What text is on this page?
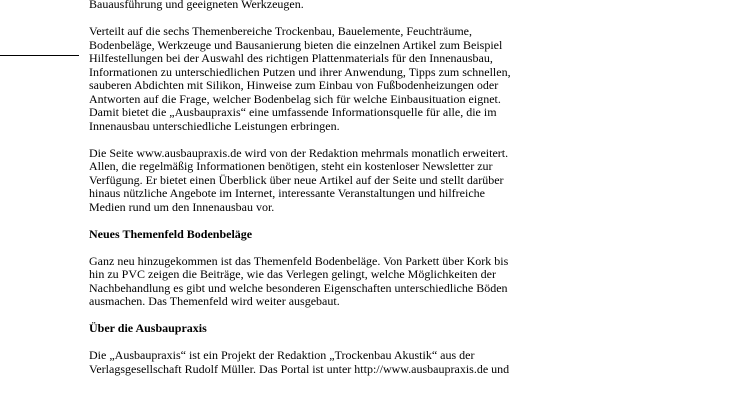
Bauausführung und geeigneten Werkzeugen.

Verteilt auf die sechs Themenbereiche Trockenbau, Bauelemente, Feuchträume,
Bodenbeläge, Werkzeuge und Bausanierung bieten die einzelnen Artikel zum Beispiel
Hilfestellungen bei der Auswahl des richtigen Plattenmaterials für den Innenausbau,
Informationen zu unterschiedlichen Putzen und ihrer Anwendung, Tipps zum schnellen,
sauberen Abdichten mit Silikon, Hinweise zum Einbau von Fußbodenheizungen oder
Antworten auf die Frage, welcher Bodenbelag sich für welche Einbausituation eignet.
Damit bietet die „Ausbaupraxis“ eine umfassende Informationsquelle für alle, die im
Innenausbau unterschiedliche Leistungen erbringen.

Die Seite www.ausbaupraxis.de wird von der Redaktion mehrmals monatlich erweitert.
Allen, die regelmäßig Informationen benötigen, steht ein kostenloser Newsletter zur
Verfügung. Er bietet einen Überblick über neue Artikel auf der Seite und stellt darüber
hinaus nützliche Angebote im Internet, interessante Veranstaltungen und hilfreiche
Medien rund um den Innenausbau vor.

Neues Themenfeld Bodenbeläge

Ganz neu hinzugekommen ist das Themenfeld Bodenbeläge. Von Parkett über Kork bis
hin zu PVC zeigen die Beiträge, wie das Verlegen gelingt, welche Möglichkeiten der
Nachbehandlung es gibt und welche besonderen Eigenschaften unterschiedliche Böden
ausmachen. Das Themenfeld wird weiter ausgebaut.

Über die Ausbaupraxis

Die „Ausbaupraxis“ ist ein Projekt der Redaktion „Trockenbau Akustik“ aus der
Verlagsgesellschaft Rudolf Müller. Das Portal ist unter http://www.ausbaupraxis.de und
